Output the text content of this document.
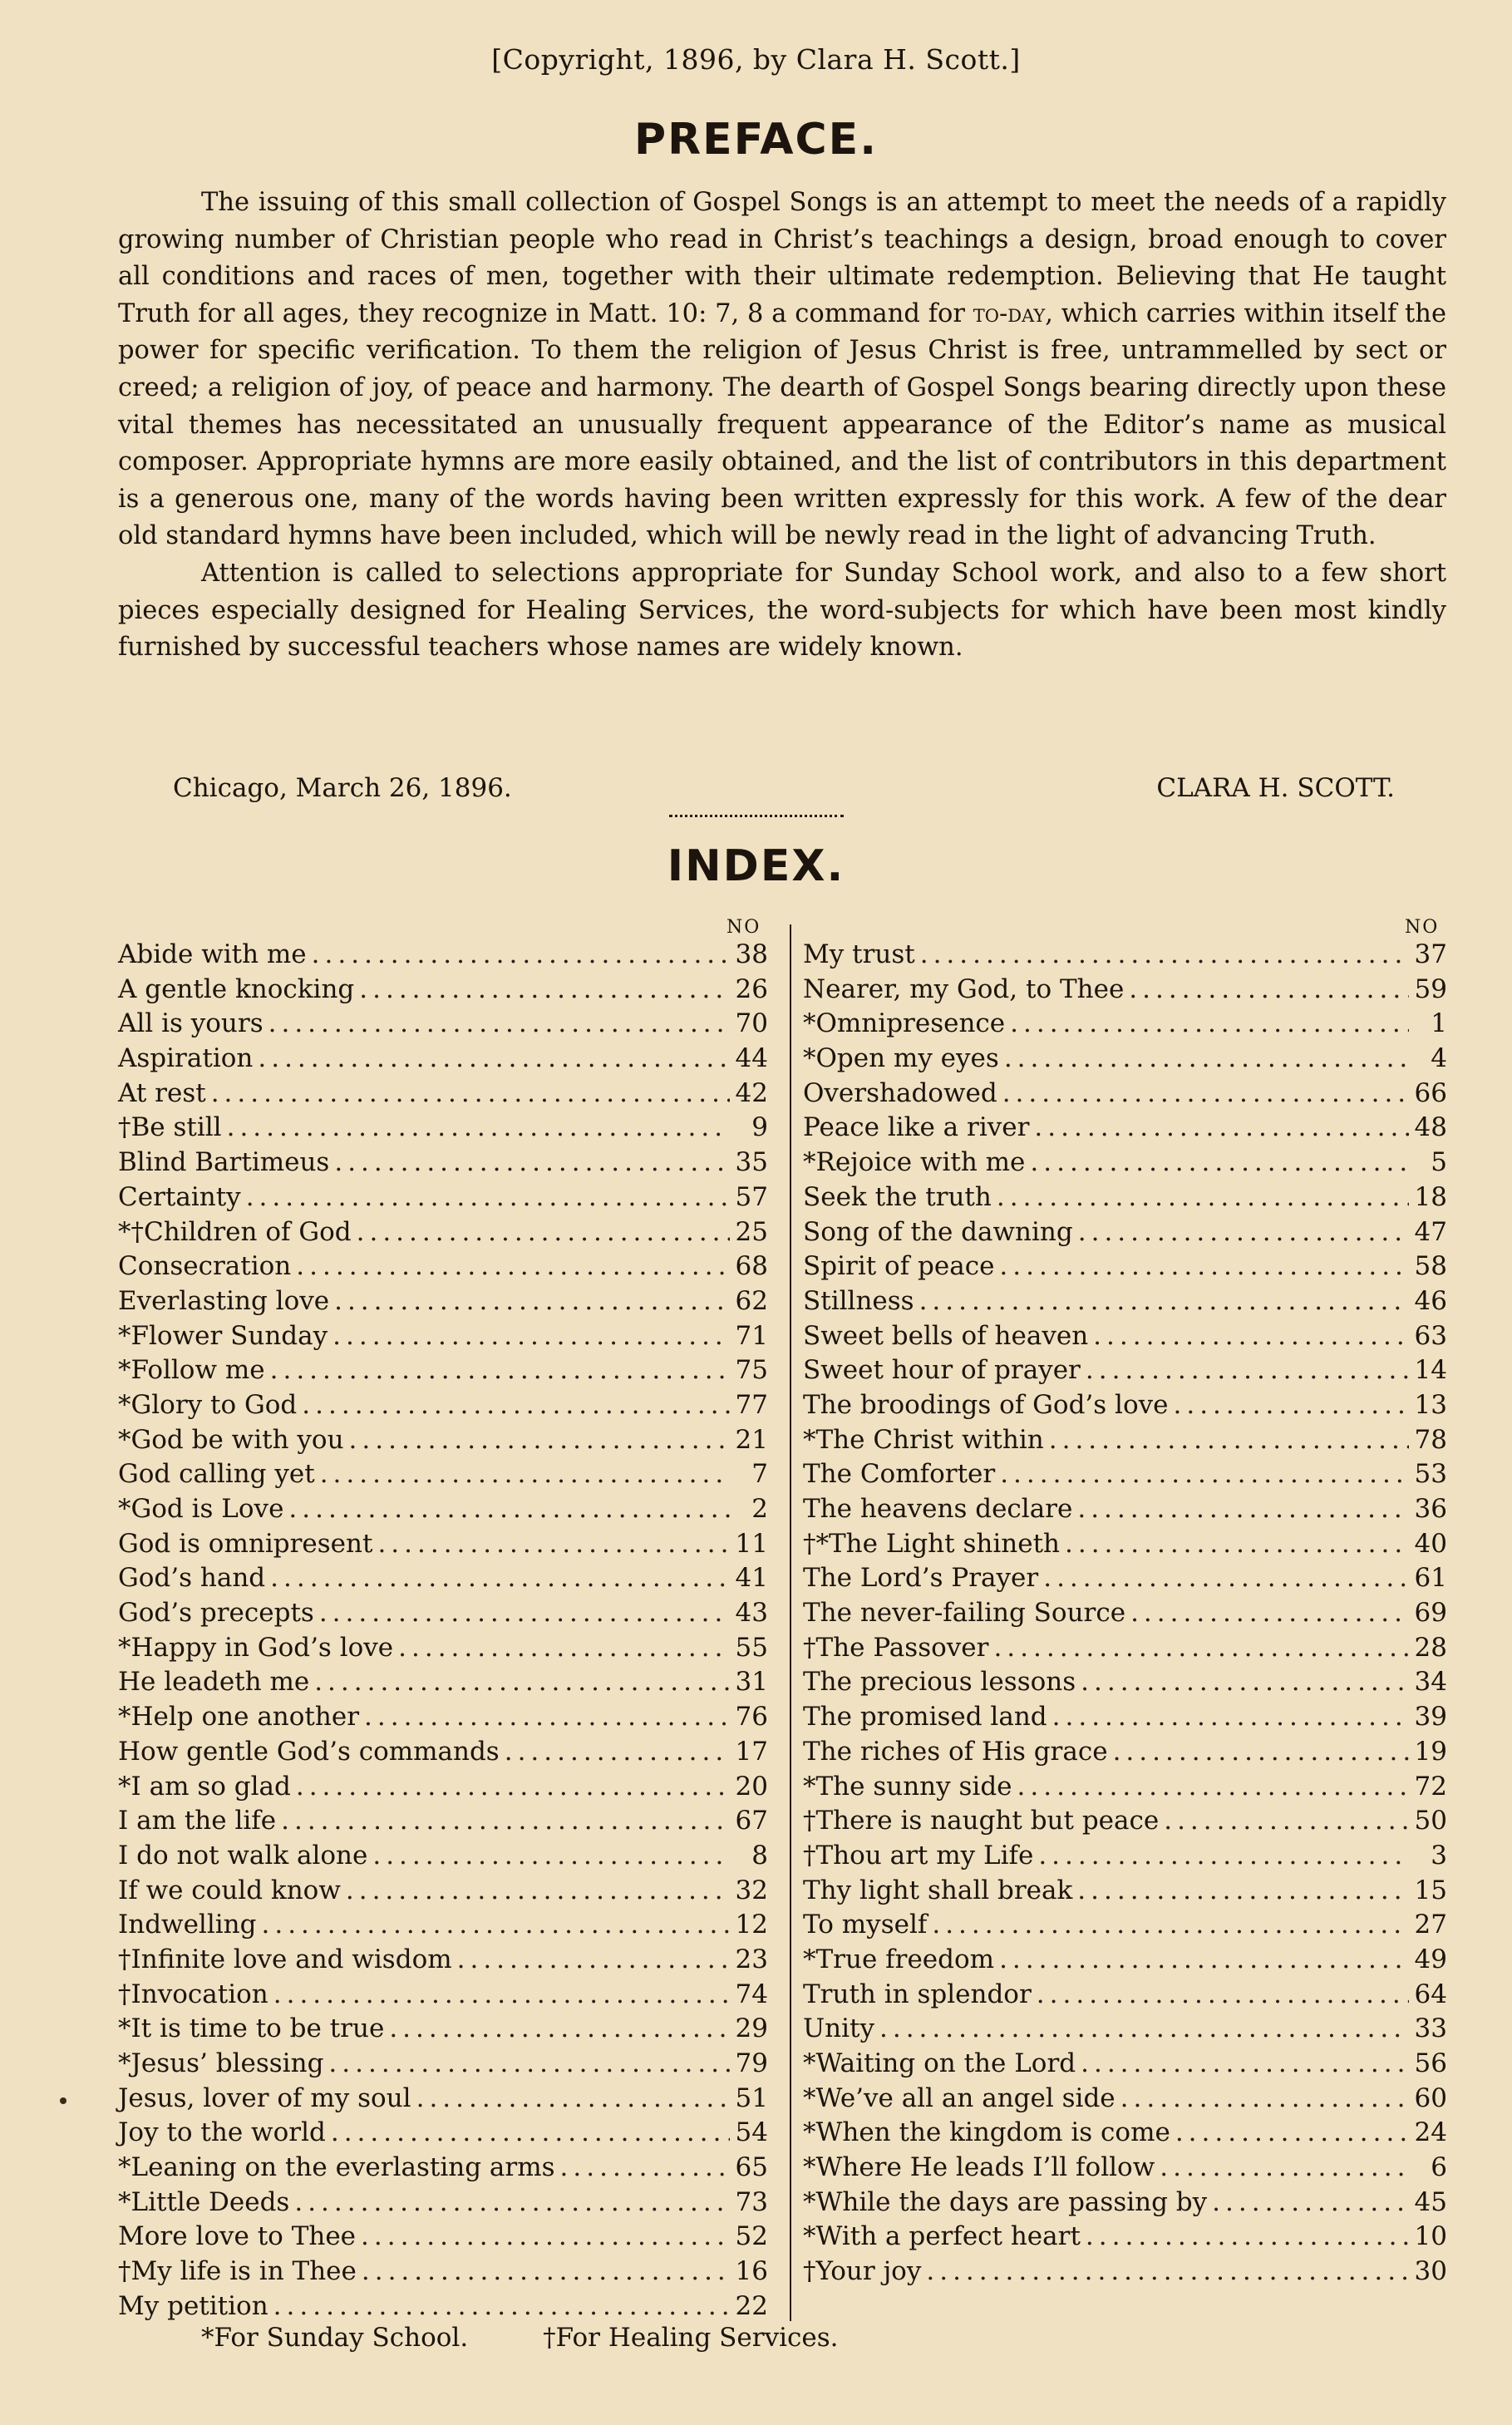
[Copyright, 1896, by Clara H. Scott.]
PREFACE.

The issuing of this small collection of Gospel Songs is an attempt to meet the needs of a rapidly growing number of Christian people who read in Christ’s teachings a design, broad enough to cover all conditions and races of men, together with their ultimate redemption. Believing that He taught Truth for all ages, they recognize in Matt. 10: 7, 8 a command for to-day, which carries within itself the power for specific verification. To them the religion of Jesus Christ is free, untrammelled by sect or creed; a religion of joy, of peace and harmony. The dearth of Gospel Songs bearing directly upon these vital themes has necessitated an unusually frequent appearance of the Editor’s name as musical composer. Appropriate hymns are more easily obtained, and the list of contributors in this department is a generous one, many of the words having been written expressly for this work. A few of the dear old standard hymns have been included, which will be newly read in the light of advancing Truth.

Attention is called to selections appropriate for Sunday School work, and also to a few short pieces especially designed for Healing Services, the word-subjects for which have been most kindly furnished by successful teachers whose names are widely known.

Chicago, March 26, 1896.	CLARA H. SCOTT.
INDEX.
NO	NO
Abide with me .....	38
A gentle knocking .....	26
All is yours .....	70
Aspiration .....	44
At rest .....	42
†Be still .....	9
Blind Bartimeus .....	35
Certainty .....	57
*†Children of God .....	25
Consecration .....	68
Everlasting love .....	62
*Flower Sunday .....	71
*Follow me .....	75
*Glory to God .....	77
*God be with you .....	21
God calling yet .....	7
*God is Love .....	2
God is omnipresent .....	11
God’s hand .....	41
God’s precepts .....	43
*Happy in God’s love .....	55
He leadeth me .....	31
*Help one another .....	76
How gentle God’s commands .....	17
*I am so glad .....	20
I am the life .....	67
I do not walk alone .....	8
If we could know .....	32
Indwelling .....	12
†Infinite love and wisdom .....	23
†Invocation .....	74
*It is time to be true .....	29
*Jesus’ blessing .....	79
Jesus, lover of my soul .....	51
Joy to the world .....	54
*Leaning on the everlasting arms .....	65
*Little Deeds .....	73
More love to Thee .....	52
†My life is in Thee .....	16
My petition .....	22
My trust .....	37
Nearer, my God, to Thee .....	59
*Omnipresence .....	1
*Open my eyes .....	4
Overshadowed .....	66
Peace like a river .....	48
*Rejoice with me .....	5
Seek the truth .....	18
Song of the dawning .....	47
Spirit of peace .....	58
Stillness .....	46
Sweet bells of heaven .....	63
Sweet hour of prayer .....	14
The broodings of God’s love .....	13
*The Christ within .....	78
The Comforter .....	53
The heavens declare .....	36
†*The Light shineth .....	40
The Lord’s Prayer .....	61
The never-failing Source .....	69
†The Passover .....	28
The precious lessons .....	34
The promised land .....	39
The riches of His grace .....	19
*The sunny side .....	72
†There is naught but peace .....	50
†Thou art my Life .....	3
Thy light shall break .....	15
To myself .....	27
*True freedom .....	49
Truth in splendor .....	64
Unity .....	33
*Waiting on the Lord .....	56
*We’ve all an angel side .....	60
*When the kingdom is come .....	24
*Where He leads I’ll follow .....	6
*While the days are passing by .....	45
*With a perfect heart .....	10
†Your joy .....	30
*For Sunday School.	†For Healing Services.
